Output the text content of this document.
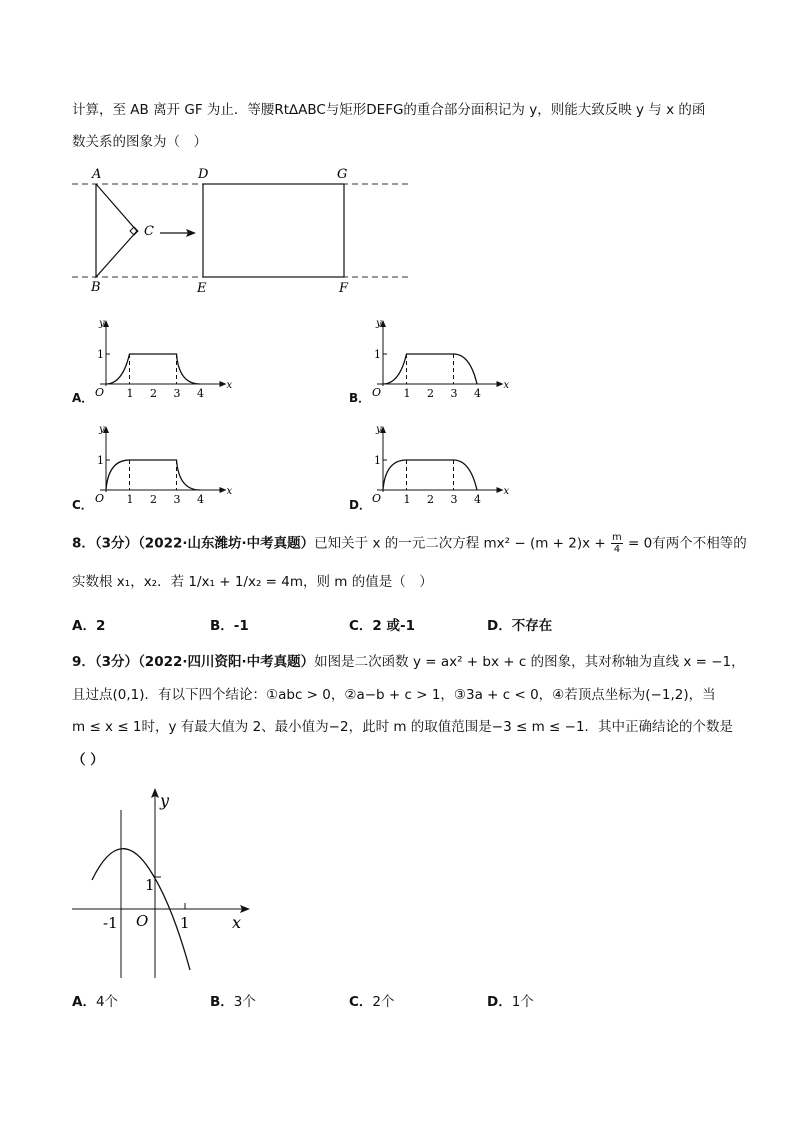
计算，至 AB 离开 GF 为止．等腰Rt∆ABC与矩形DEFG的重合部分面积记为 y，则能大致反映 y 与 x 的函
数关系的图象为（　）
A
B
C
D
E	F
G
A．	B．
C．	D．
y
x
O
1
1 2 3 4
y
x
O
1
1 2 3 4
y
x
O
1
1 2 3 4
y
x
O
1
1 2 3 4
8．（3分）（2022·山东潍坊·中考真题）已知关于 x 的一元二次方程 $mx^2 - (m + 2)x + \frac{m}{4} = 0$有两个不相等的
实数根 x₁，x₂．若 1/x₁ + 1/x₂ = 4m，则 m 的值是（　）
A．2	B．-1	C．2 或-1	D．不存在
9．（3分）（2022·四川资阳·中考真题）如图是二次函数 y = ax² + bx + c 的图象，其对称轴为直线 x = −1，
且过点(0,1)．有以下四个结论：①abc > 0，②a−b + c > 1，③3a + c < 0，④若顶点坐标为(−1,2)，当
m ≤ x ≤ 1时，y 有最大值为 2、最小值为−2，此时 m 的取值范围是−3 ≤ m ≤ −1．其中正确结论的个数是
（ ）
y
x
O
-1
1
1
A．4个	B．3个	C．2个	D．1个
